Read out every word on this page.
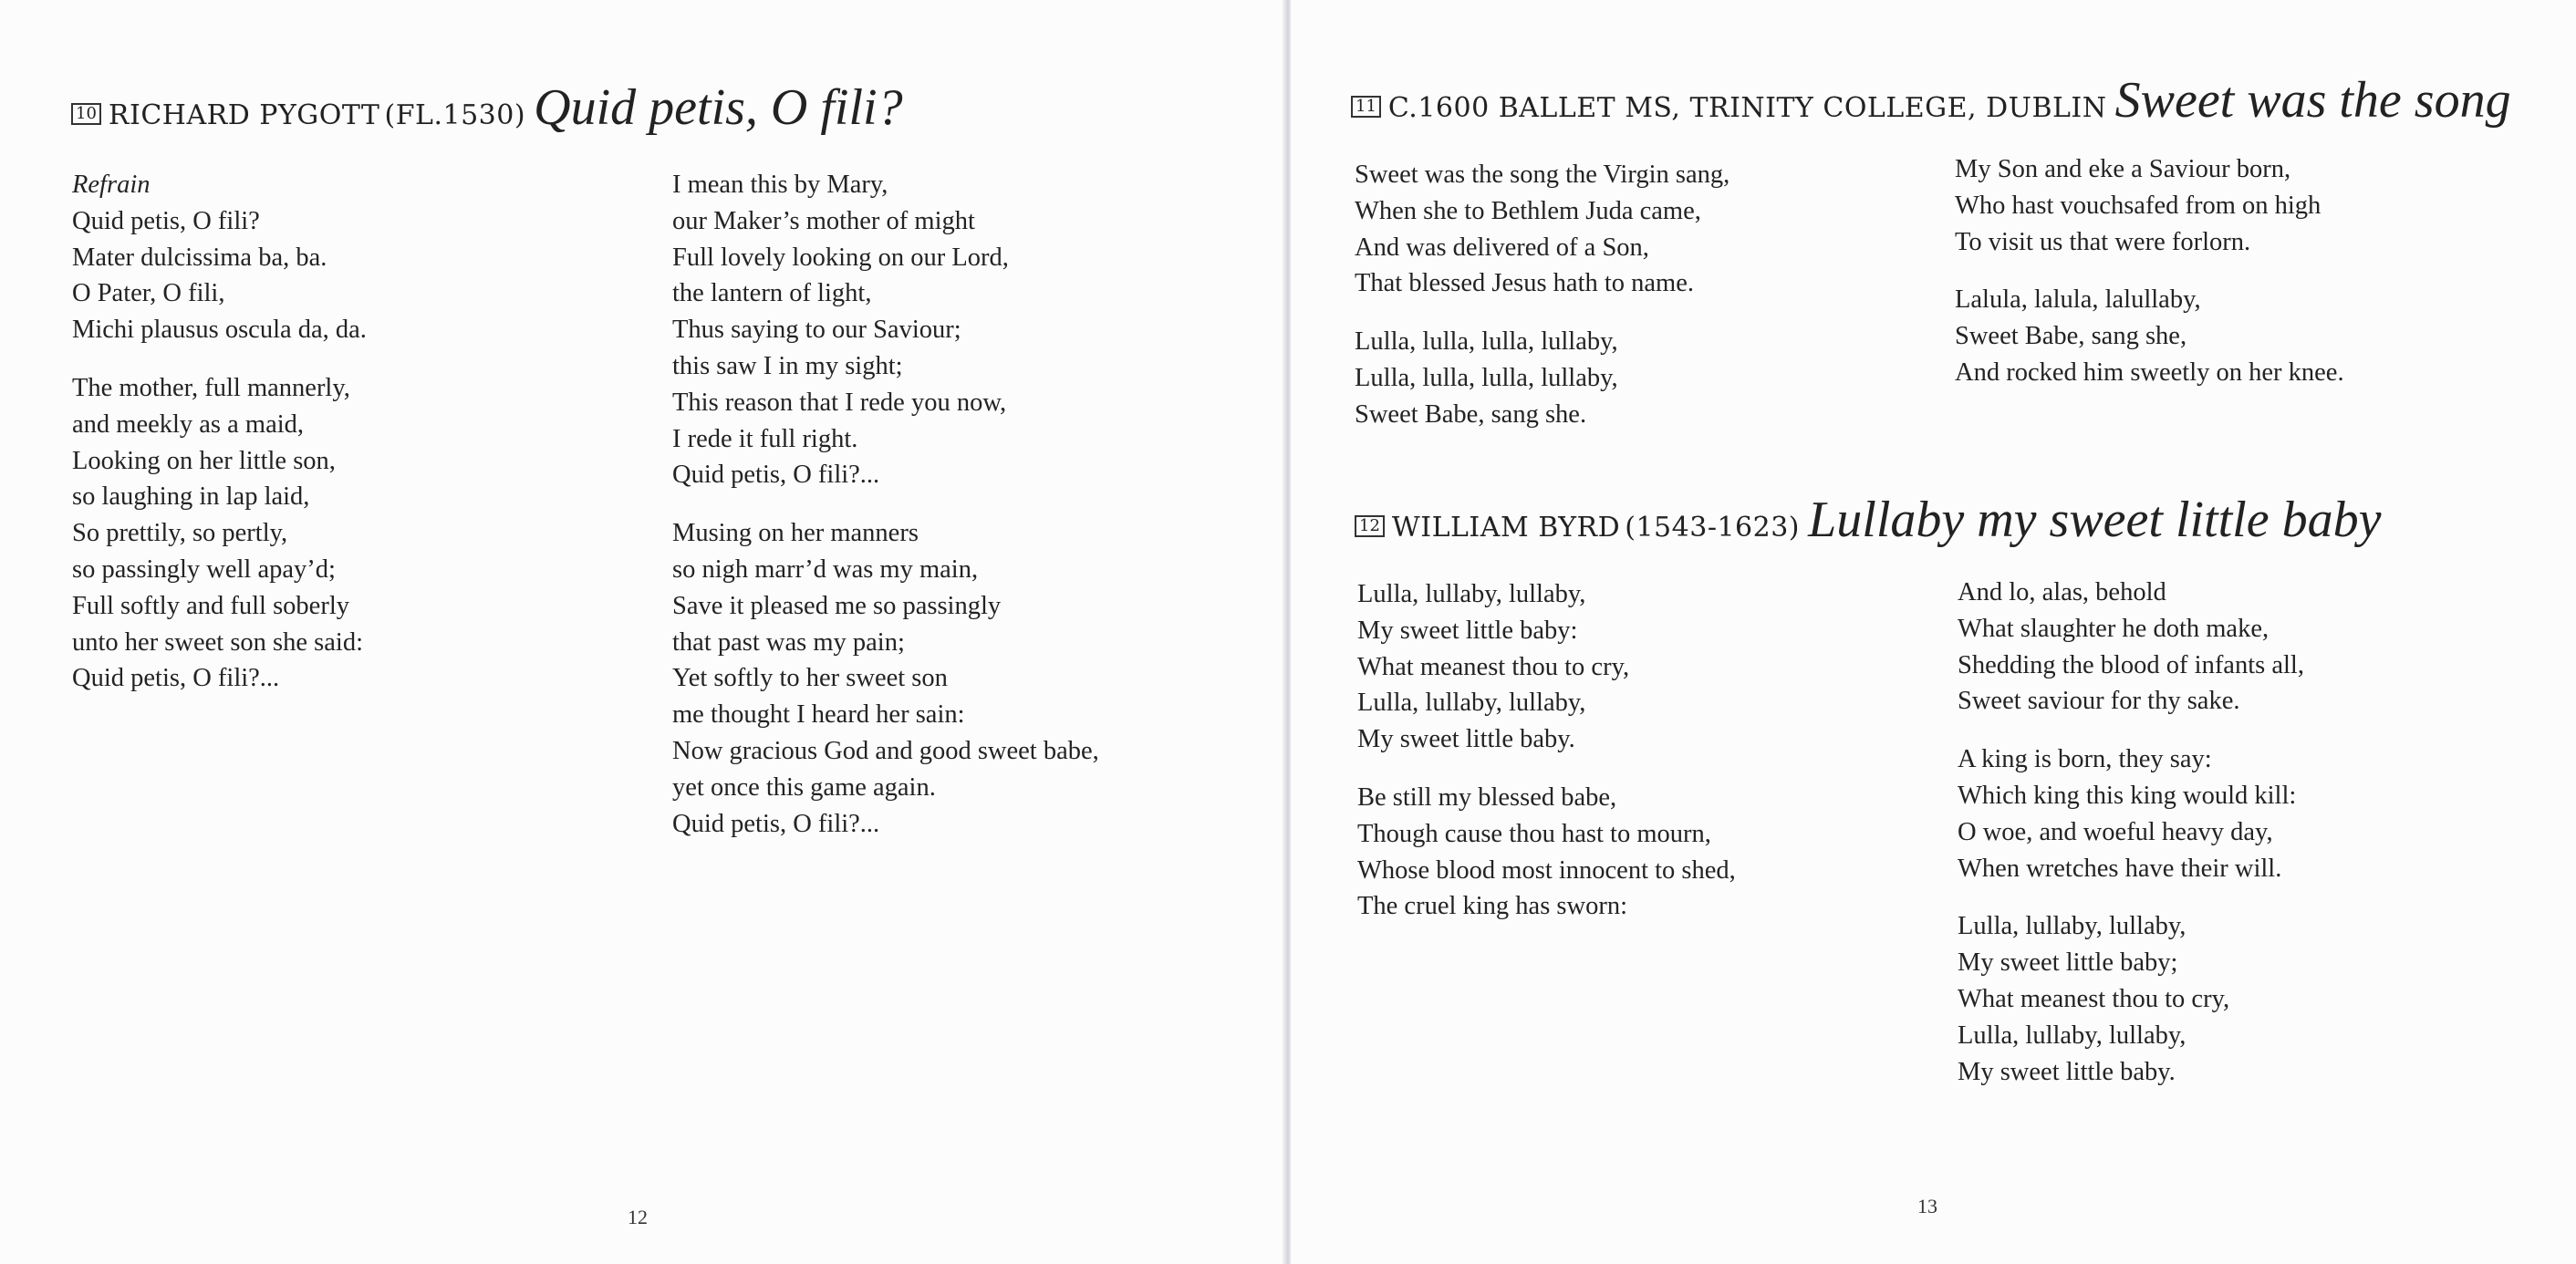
10 RICHARD PYGOTT (FL.1530) Quid petis, O fili?
Refrain
Quid petis, O fili?
Mater dulcissima ba, ba.
O Pater, O fili,
Michi plausus oscula da, da.
The mother, full mannerly,
and meekly as a maid,
Looking on her little son,
so laughing in lap laid,
So prettily, so pertly,
so passingly well apay’d;
Full softly and full soberly
unto her sweet son she said:
Quid petis, O fili?...
I mean this by Mary,
our Maker’s mother of might
Full lovely looking on our Lord,
the lantern of light,
Thus saying to our Saviour;
this saw I in my sight;
This reason that I rede you now,
I rede it full right.
Quid petis, O fili?...
Musing on her manners
so nigh marr’d was my main,
Save it pleased me so passingly
that past was my pain;
Yet softly to her sweet son
me thought I heard her sain:
Now gracious God and good sweet babe,
yet once this game again.
Quid petis, O fili?...
12
11 C.1600 BALLET MS, TRINITY COLLEGE, DUBLIN Sweet was the song
Sweet was the song the Virgin sang,
When she to Bethlem Juda came,
And was delivered of a Son,
That blessed Jesus hath to name.
Lulla, lulla, lulla, lullaby,
Lulla, lulla, lulla, lullaby,
Sweet Babe, sang she.
My Son and eke a Saviour born,
Who hast vouchsafed from on high
To visit us that were forlorn.
Lalula, lalula, lalullaby,
Sweet Babe, sang she,
And rocked him sweetly on her knee.
12 WILLIAM BYRD (1543-1623) Lullaby my sweet little baby
Lulla, lullaby, lullaby,
My sweet little baby:
What meanest thou to cry,
Lulla, lullaby, lullaby,
My sweet little baby.
Be still my blessed babe,
Though cause thou hast to mourn,
Whose blood most innocent to shed,
The cruel king has sworn:
And lo, alas, behold
What slaughter he doth make,
Shedding the blood of infants all,
Sweet saviour for thy sake.
A king is born, they say:
Which king this king would kill:
O woe, and woeful heavy day,
When wretches have their will.
Lulla, lullaby, lullaby,
My sweet little baby;
What meanest thou to cry,
Lulla, lullaby, lullaby,
My sweet little baby.
13
